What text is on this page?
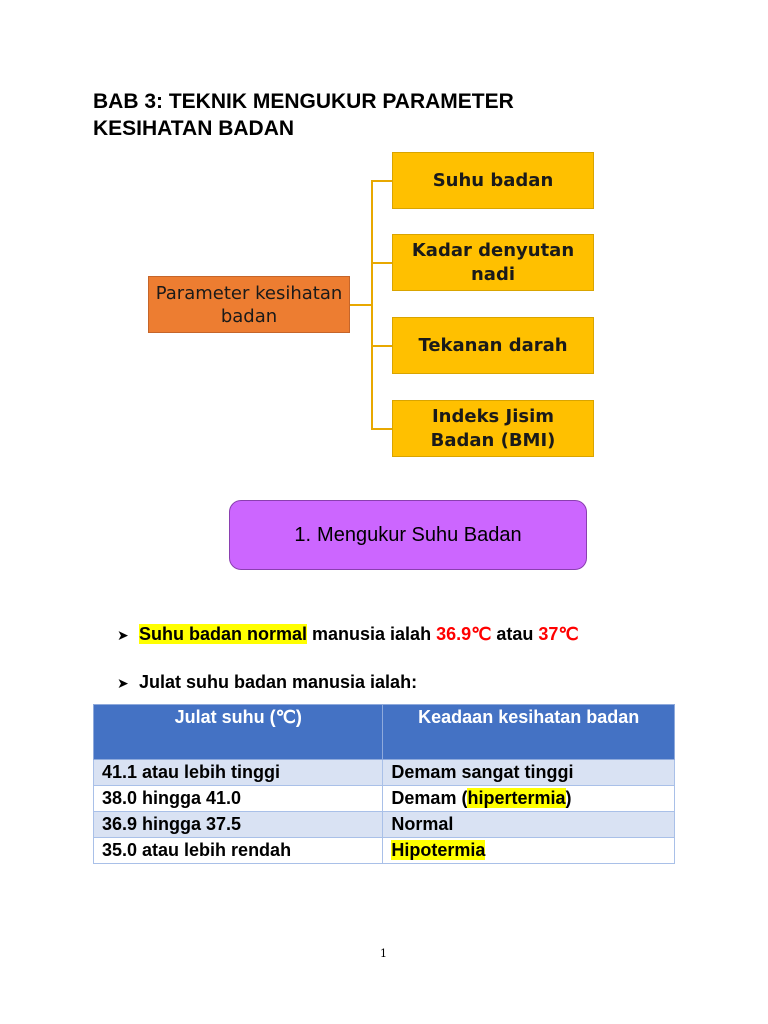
BAB 3: TEKNIK MENGUKUR PARAMETER
KESIHATAN BADAN
Parameter kesihatan badan
Suhu badan
Kadar denyutan nadi
Tekanan darah
Indeks Jisim Badan (BMI)
1. Mengukur Suhu Badan
➤ Suhu badan normal manusia ialah 36.9℃ atau 37℃
➤ Julat suhu badan manusia ialah:
Julat suhu (℃)	Keadaan kesihatan badan
41.1 atau lebih tinggi	Demam sangat tinggi
38.0 hingga 41.0	Demam (hipertermia)
36.9 hingga 37.5	Normal
35.0 atau lebih rendah	Hipotermia
1
